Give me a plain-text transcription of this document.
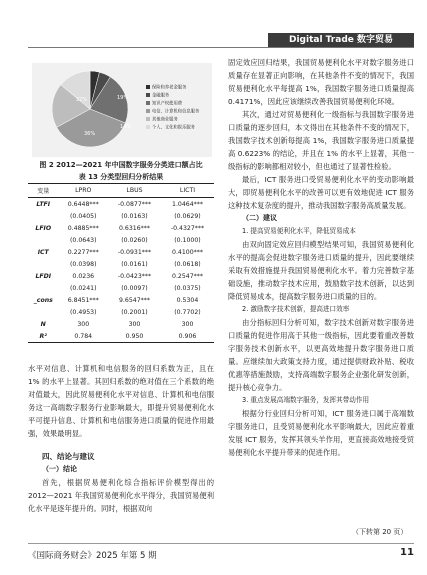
Digital Trade 数字贸易
22%	19%
36%
14%
保险和养老金服务
金融服务
知识产权使用费
电信、计算机和信息服务
其他商业服务
个人、文化和娱乐服务
图 2 2012—2021 年中国数字服务分类进口额占比
表 13 分类型回归分析结果
变量	LPRO	LBUS	LICTI
LTFI	0.6448***	-0.0877***	1.0464***
	(0.0405)	(0.0163)	(0.0629)
LFIO	0.4885***	0.6316***	-0.4327***
	(0.0643)	(0.0260)	(0.1000)
ICT	0.2277***	-0.0931***	0.4100***
	(0.0398)	(0.0161)	(0.0618)
LFDI	0.0236	-0.0423***	0.2547***
	(0.0241)	(0.0097)	(0.0375)
_cons	6.8451***	9.6547***	0.5304
	(0.4953)	(0.2001)	(0.7702)
N	300	300	300
R²	0.784	0.950	0.906

水平对信息、计算机和电信服务的回归系数为正，且在 1% 的水平上显著。其回归系数的绝对值在三个系数的绝对值最大，因此贸易便利化水平对信息、计算机和电信服务这一高端数字服务行业影响最大，即提升贸易便利化水平可提升信息、计算机和电信服务进口质量的促进作用最强，效果最明显。

四、结论与建议

（一）结论

首先，根据贸易便利化综合指标评价模型得出的 2012—2021 年我国贸易便利化水平得分，我国贸易便利化水平是逐年提升的。同时，根据双向

固定效应回归结果，我国贸易便利化水平对数字服务进口质量存在显著正向影响，在其他条件不变的情况下，我国贸易便利化水平每提高 1%，我国数字服务进口质量提高 0.4171%，因此应该继续改善我国贸易便利化环境。

其次，通过对贸易便利化一级指标与我国数字服务进口质量的逐步回归，本文得出在其他条件不变的情况下，我国数字技术创新每提高 1%，我国数字服务进口质量提高 0.6223% 的结论，并且在 1% 的水平上显著，其他一级指标的影响都相对较小，但也通过了显著性检验。

最后，ICT 服务进口受贸易便利化水平的变动影响最大，即贸易便利化水平的改善可以更有效地促进 ICT 服务这种技术复杂度的提升，推动我国数字服务高质量发展。

（二）建议

1. 提高贸易便利化水平，降低贸易成本

由双向固定效应回归模型结果可知，我国贸易便利化水平的提高会促进数字服务进口质量的提升，因此要继续采取有效措施提升我国贸易便利化水平。着力完善数字基础设施，推动数字技术应用，鼓励数字技术创新，以达到降低贸易成本，提高数字服务进口质量的目的。

2. 激励数字技术创新，提高进口效率

由分指标回归分析可知，数字技术创新对数字服务进口质量的促进作用高于其他一级指标，因此要着重改善数字服务技术创新水平，以更高效地提升数字服务进口质量。应继续加大政策支持力度，通过提供财政补贴、税收优惠等措施鼓励，支持高端数字服务企业强化研发创新，提升核心竞争力。

3. 重点发展高端数字服务，发挥其带动作用

根据分行业回归分析可知，ICT 服务进口属于高端数字服务进口，且受贸易便利化水平影响最大，因此应着重发展 ICT 服务，发挥其领头羊作用，更直接高效地接受贸易便利化水平提升带来的促进作用。

（下转第 20 页）
《国际商务财会》2025 年第 5 期	11
